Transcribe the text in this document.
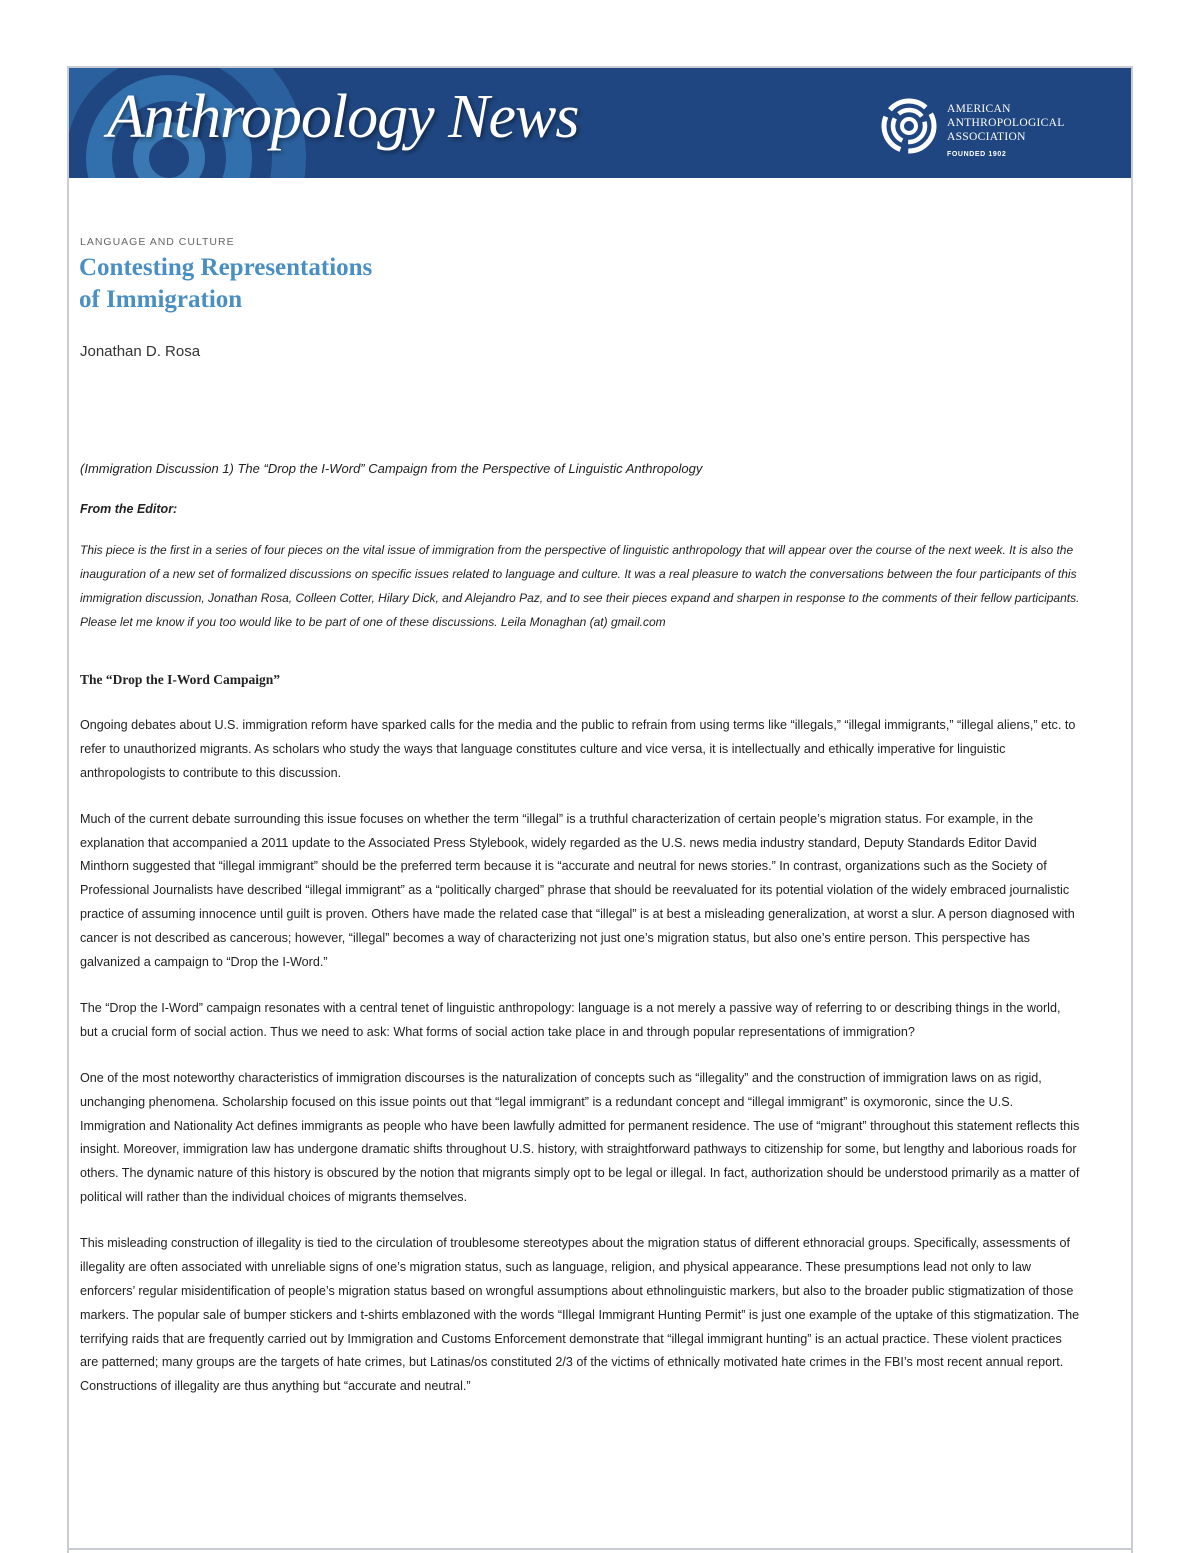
Anthropology News	AMERICAN
ANTHROPOLOGICAL
ASSOCIATION
FOUNDED 1902
LANGUAGE AND CULTURE
Contesting Representations
of Immigration
Jonathan D. Rosa

(Immigration Discussion 1) The “Drop the I-Word” Campaign from the Perspective of Linguistic Anthropology

From the Editor:

This piece is the first in a series of four pieces on the vital issue of immigration from the perspective of linguistic anthropology that will appear over the course of the next week. It is also the inauguration of a new set of formalized discussions on specific issues related to language and culture. It was a real pleasure to watch the conversations between the four participants of this immigration discussion, Jonathan Rosa, Colleen Cotter, Hilary Dick, and Alejandro Paz, and to see their pieces expand and sharpen in response to the comments of their fellow participants. Please let me know if you too would like to be part of one of these discussions. Leila Monaghan (at) gmail.com

The “Drop the I-Word Campaign”

Ongoing debates about U.S. immigration reform have sparked calls for the media and the public to refrain from using terms like “illegals,” “illegal immigrants,” “illegal aliens,” etc. to refer to unauthorized migrants. As scholars who study the ways that language constitutes culture and vice versa, it is intellectually and ethically imperative for linguistic anthropologists to contribute to this discussion.

Much of the current debate surrounding this issue focuses on whether the term “illegal” is a truthful characterization of certain people’s migration status. For example, in the explanation that accompanied a 2011 update to the Associated Press Stylebook, widely regarded as the U.S. news media industry standard, Deputy Standards Editor David Minthorn suggested that “illegal immigrant” should be the preferred term because it is “accurate and neutral for news stories.” In contrast, organizations such as the Society of Professional Journalists have described “illegal immigrant” as a “politically charged” phrase that should be reevaluated for its potential violation of the widely embraced journalistic practice of assuming innocence until guilt is proven. Others have made the related case that “illegal” is at best a misleading generalization, at worst a slur. A person diagnosed with cancer is not described as cancerous; however, “illegal” becomes a way of characterizing not just one’s migration status, but also one’s entire person. This perspective has galvanized a campaign to “Drop the I-Word.”

The “Drop the I-Word” campaign resonates with a central tenet of linguistic anthropology: language is a not merely a passive way of referring to or describing things in the world, but a crucial form of social action. Thus we need to ask: What forms of social action take place in and through popular representations of immigration?

One of the most noteworthy characteristics of immigration discourses is the naturalization of concepts such as “illegality” and the construction of immigration laws on as rigid, unchanging phenomena. Scholarship focused on this issue points out that “legal immigrant” is a redundant concept and “illegal immigrant” is oxymoronic, since the U.S. Immigration and Nationality Act defines immigrants as people who have been lawfully admitted for permanent residence. The use of “migrant” throughout this statement reflects this insight. Moreover, immigration law has undergone dramatic shifts throughout U.S. history, with straightforward pathways to citizenship for some, but lengthy and laborious roads for others. The dynamic nature of this history is obscured by the notion that migrants simply opt to be legal or illegal. In fact, authorization should be understood primarily as a matter of political will rather than the individual choices of migrants themselves.

This misleading construction of illegality is tied to the circulation of troublesome stereotypes about the migration status of different ethnoracial groups. Specifically, assessments of illegality are often associated with unreliable signs of one’s migration status, such as language, religion, and physical appearance. These presumptions lead not only to law enforcers’ regular misidentification of people’s migration status based on wrongful assumptions about ethnolinguistic markers, but also to the broader public stigmatization of those markers. The popular sale of bumper stickers and t-shirts emblazoned with the words “Illegal Immigrant Hunting Permit” is just one example of the uptake of this stigmatization. The terrifying raids that are frequently carried out by Immigration and Customs Enforcement demonstrate that “illegal immigrant hunting” is an actual practice. These violent practices are patterned; many groups are the targets of hate crimes, but Latinas/os constituted 2/3 of the victims of ethnically motivated hate crimes in the FBI’s most recent annual report. Constructions of illegality are thus anything but “accurate and neutral.”
